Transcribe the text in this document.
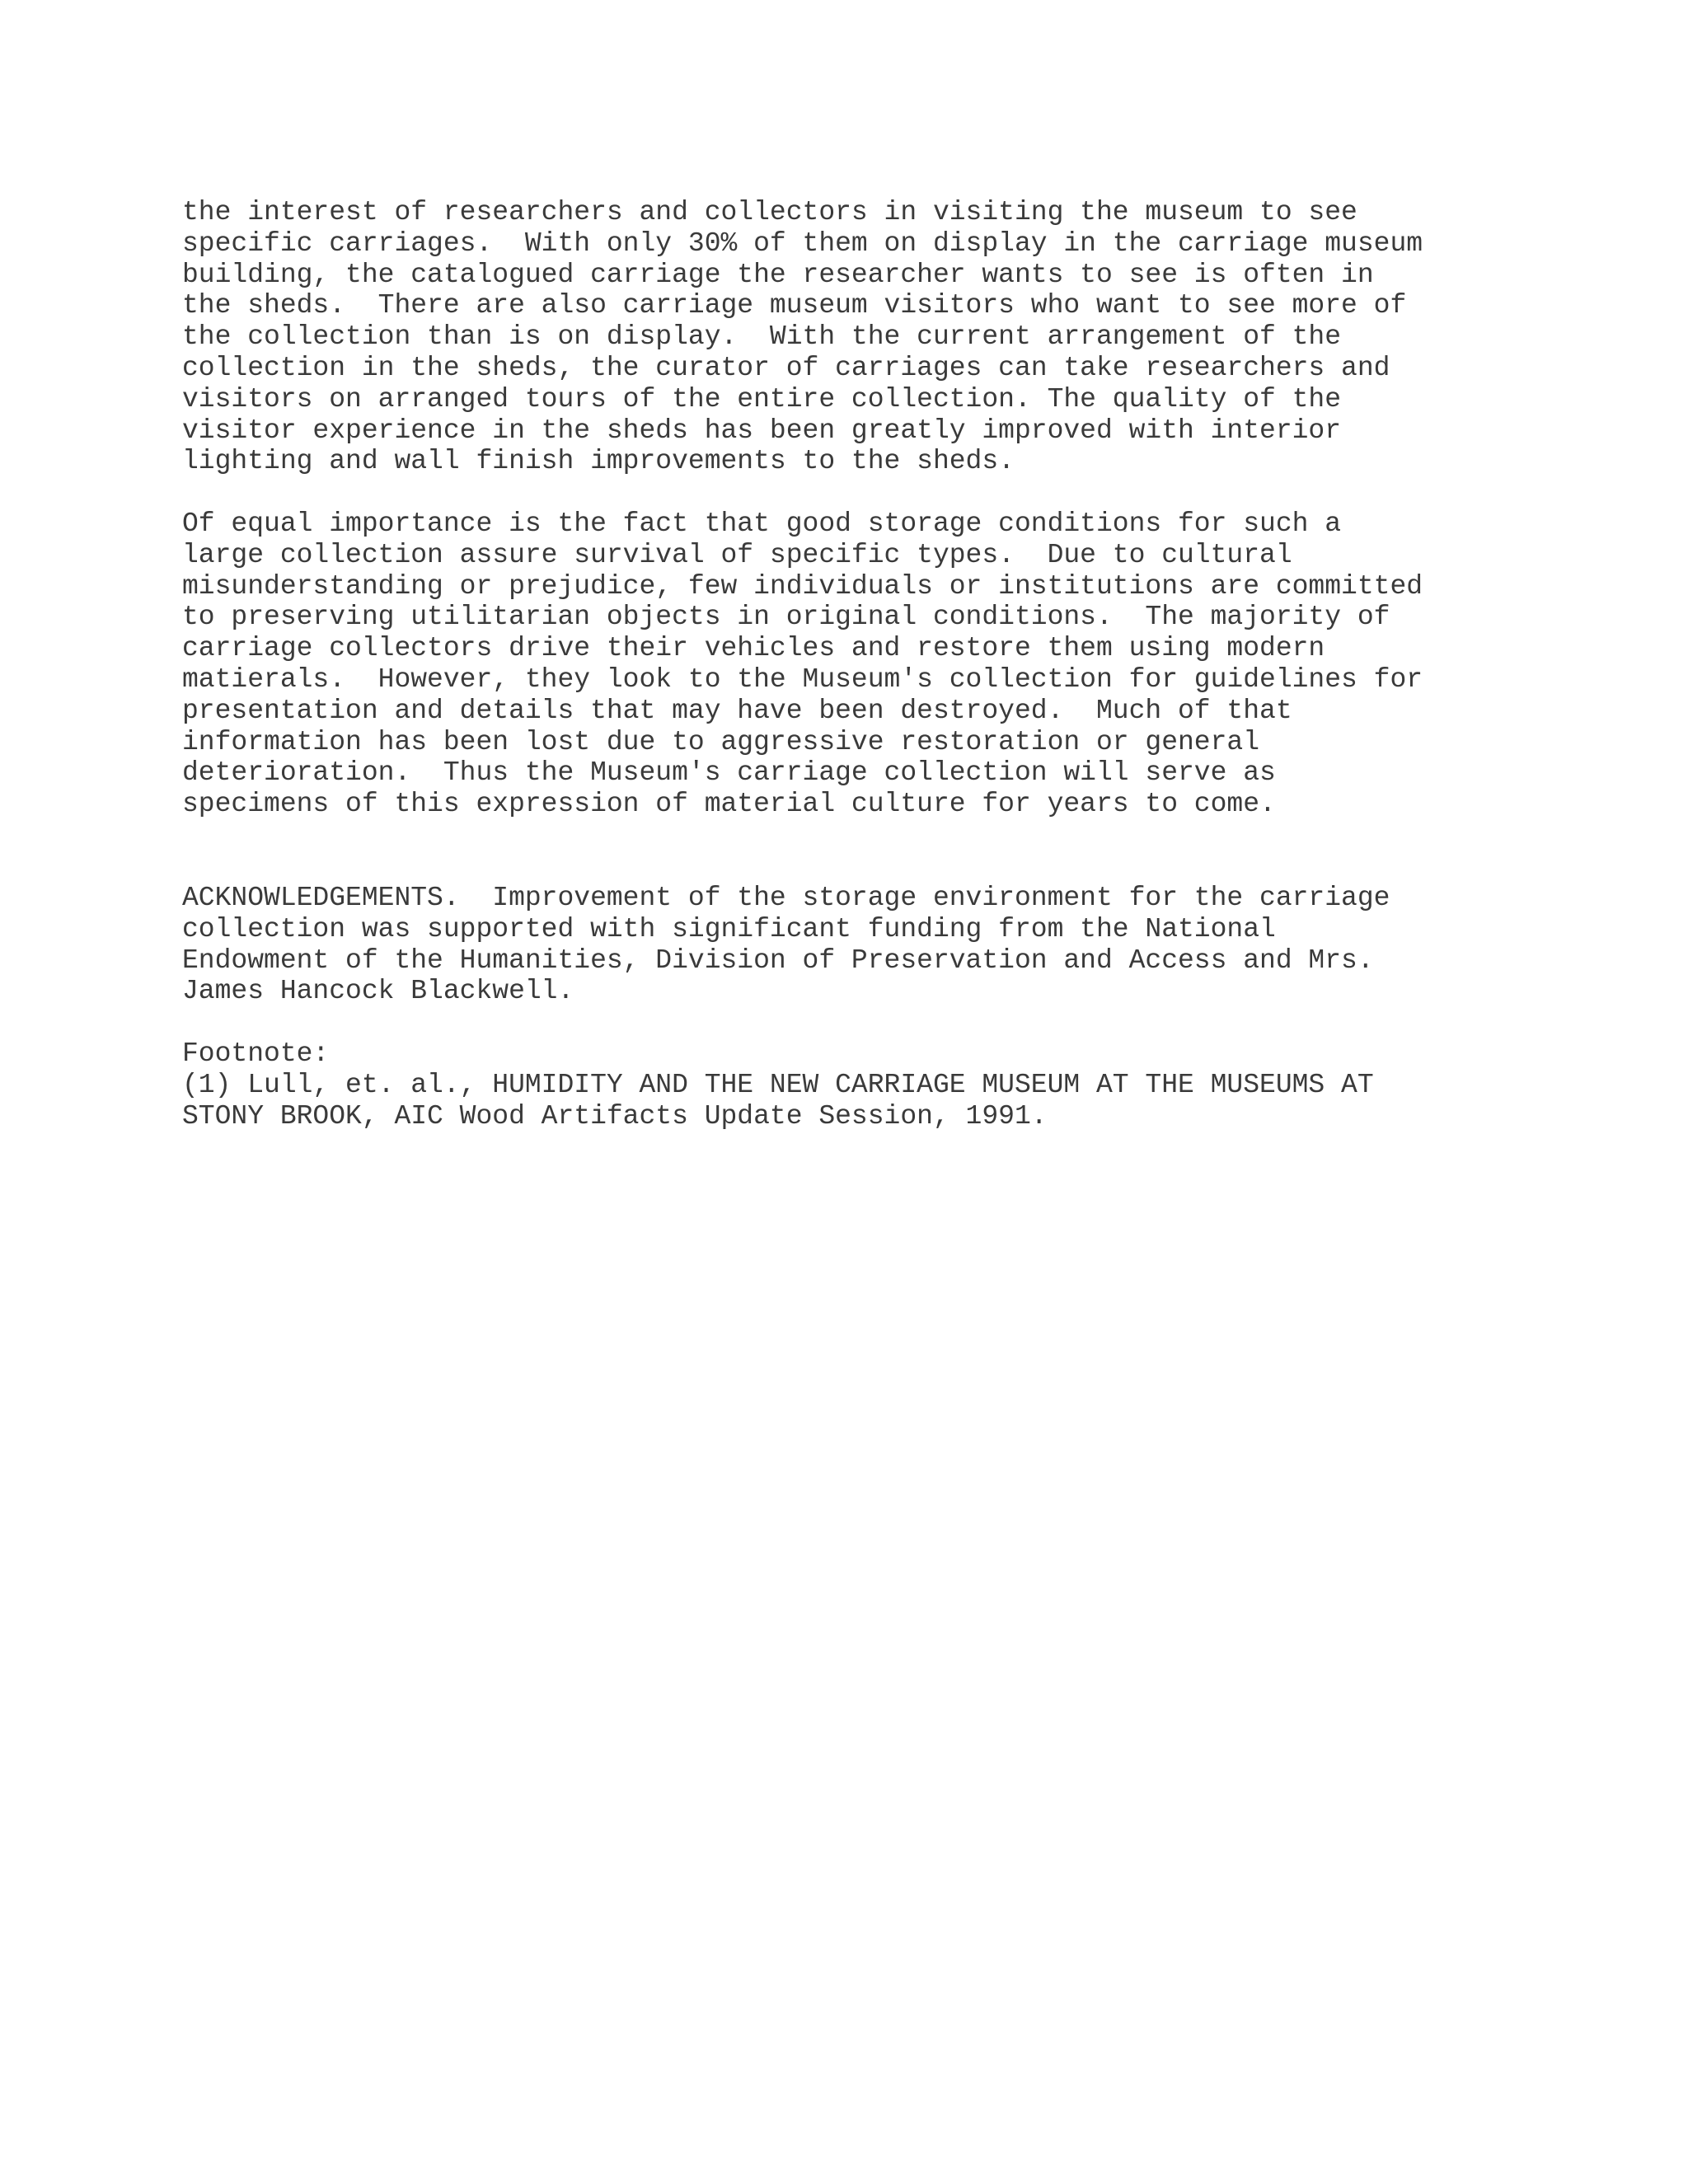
the interest of researchers and collectors in visiting the museum to see
specific carriages.  With only 30% of them on display in the carriage museum
building, the catalogued carriage the researcher wants to see is often in
the sheds.  There are also carriage museum visitors who want to see more of
the collection than is on display.  With the current arrangement of the
collection in the sheds, the curator of carriages can take researchers and
visitors on arranged tours of the entire collection. The quality of the
visitor experience in the sheds has been greatly improved with interior
lighting and wall finish improvements to the sheds.
Of equal importance is the fact that good storage conditions for such a
large collection assure survival of specific types.  Due to cultural
misunderstanding or prejudice, few individuals or institutions are committed
to preserving utilitarian objects in original conditions.  The majority of
carriage collectors drive their vehicles and restore them using modern
matierals.  However, they look to the Museum's collection for guidelines for
presentation and details that may have been destroyed.  Much of that
information has been lost due to aggressive restoration or general
deterioration.  Thus the Museum's carriage collection will serve as
specimens of this expression of material culture for years to come.
ACKNOWLEDGEMENTS.  Improvement of the storage environment for the carriage
collection was supported with significant funding from the National
Endowment of the Humanities, Division of Preservation and Access and Mrs.
James Hancock Blackwell.
Footnote:
(1) Lull, et. al., HUMIDITY AND THE NEW CARRIAGE MUSEUM AT THE MUSEUMS AT
STONY BROOK, AIC Wood Artifacts Update Session, 1991.
